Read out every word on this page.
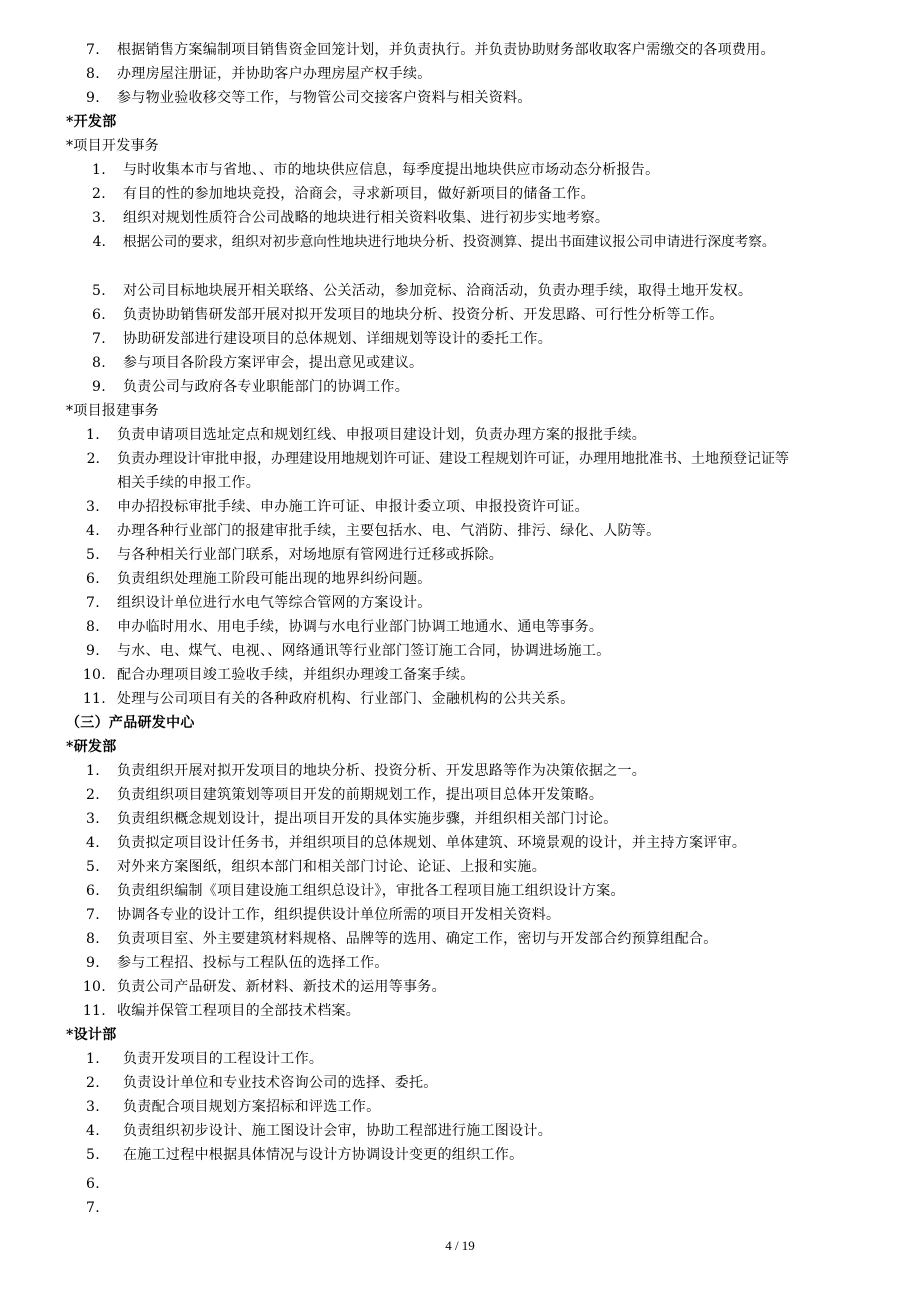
7. 根据销售方案编制项目销售资金回笼计划，并负责执行。并负责协助财务部收取客户需缴交的各项费用。
8. 办理房屋注册证，并协助客户办理房屋产权手续。
9. 参与物业验收移交等工作，与物管公司交接客户资料与相关资料。
*开发部
*项目开发事务
1. 与时收集本市与省地、、市的地块供应信息，每季度提出地块供应市场动态分析报告。
2. 有目的性的参加地块竞投，洽商会，寻求新项目，做好新项目的储备工作。
3. 组织对规划性质符合公司战略的地块进行相关资料收集、进行初步实地考察。
4. 根据公司的要求，组织对初步意向性地块进行地块分析、投资测算、提出书面建议报公司申请进行深度考察。
5. 对公司目标地块展开相关联络、公关活动，参加竞标、洽商活动，负责办理手续，取得土地开发权。
6. 负责协助销售研发部开展对拟开发项目的地块分析、投资分析、开发思路、可行性分析等工作。
7. 协助研发部进行建设项目的总体规划、详细规划等设计的委托工作。
8. 参与项目各阶段方案评审会，提出意见或建议。
9. 负责公司与政府各专业职能部门的协调工作。
*项目报建事务
1. 负责申请项目选址定点和规划红线、申报项目建设计划，负责办理方案的报批手续。
2. 负责办理设计审批申报，办理建设用地规划许可证、建设工程规划许可证，办理用地批准书、土地预登记证等
相关手续的申报工作。
3. 申办招投标审批手续、申办施工许可证、申报计委立项、申报投资许可证。
4. 办理各种行业部门的报建审批手续，主要包括水、电、气消防、排污、绿化、人防等。
5. 与各种相关行业部门联系，对场地原有管网进行迁移或拆除。
6. 负责组织处理施工阶段可能出现的地界纠纷问题。
7. 组织设计单位进行水电气等综合管网的方案设计。
8. 申办临时用水、用电手续，协调与水电行业部门协调工地通水、通电等事务。
9. 与水、电、煤气、电视、、网络通讯等行业部门签订施工合同，协调进场施工。
10. 配合办理项目竣工验收手续，并组织办理竣工备案手续。
11. 处理与公司项目有关的各种政府机构、行业部门、金融机构的公共关系。
（三）产品研发中心
*研发部
1. 负责组织开展对拟开发项目的地块分析、投资分析、开发思路等作为决策依据之一。
2. 负责组织项目建筑策划等项目开发的前期规划工作，提出项目总体开发策略。
3. 负责组织概念规划设计，提出项目开发的具体实施步骤，并组织相关部门讨论。
4. 负责拟定项目设计任务书，并组织项目的总体规划、单体建筑、环境景观的设计，并主持方案评审。
5. 对外来方案图纸，组织本部门和相关部门讨论、论证、上报和实施。
6. 负责组织编制《项目建设施工组织总设计》，审批各工程项目施工组织设计方案。
7. 协调各专业的设计工作，组织提供设计单位所需的项目开发相关资料。
8. 负责项目室、外主要建筑材料规格、品牌等的选用、确定工作，密切与开发部合约预算组配合。
9. 参与工程招、投标与工程队伍的选择工作。
10. 负责公司产品研发、新材料、新技术的运用等事务。
11. 收编并保管工程项目的全部技术档案。
*设计部
1. 负责开发项目的工程设计工作。
2. 负责设计单位和专业技术咨询公司的选择、委托。
3. 负责配合项目规划方案招标和评选工作。
4. 负责组织初步设计、施工图设计会审，协助工程部进行施工图设计。
5. 在施工过程中根据具体情况与设计方协调设计变更的组织工作。
6.
7.
4 / 19
